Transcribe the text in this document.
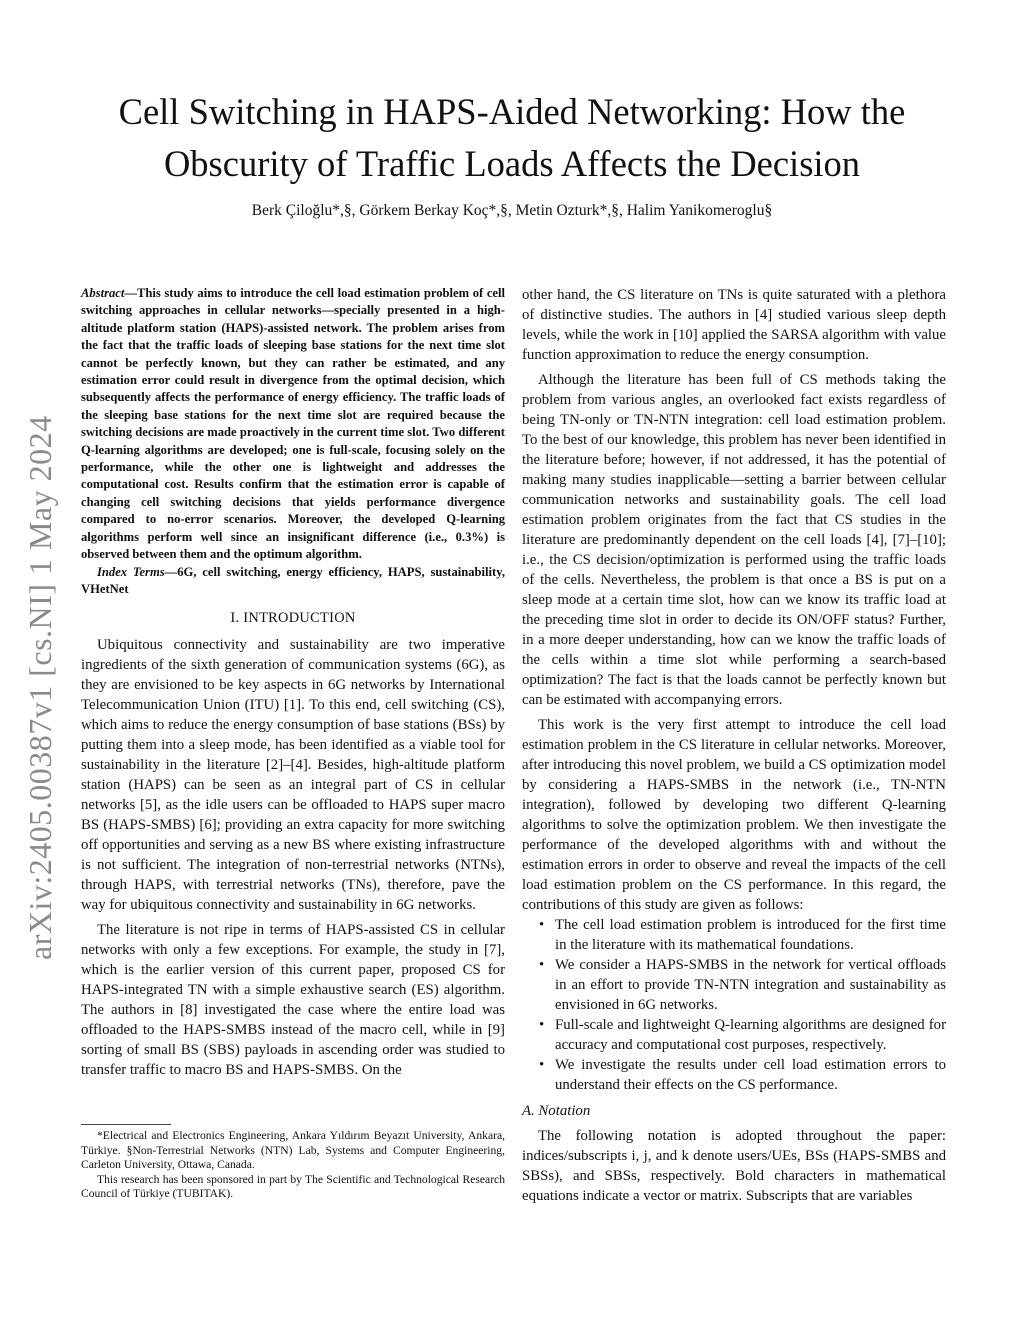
arXiv:2405.00387v1 [cs.NI] 1 May 2024
Cell Switching in HAPS-Aided Networking: How the
Obscurity of Traffic Loads Affects the Decision
Berk Çiloğlu*,§, Görkem Berkay Koç*,§, Metin Ozturk*,§, Halim Yanikomeroglu§

Abstract—This study aims to introduce the cell load estimation problem of cell switching approaches in cellular networks—specially presented in a high-altitude platform station (HAPS)-assisted network. The problem arises from the fact that the traffic loads of sleeping base stations for the next time slot cannot be perfectly known, but they can rather be estimated, and any estimation error could result in divergence from the optimal decision, which subsequently affects the performance of energy efficiency. The traffic loads of the sleeping base stations for the next time slot are required because the switching decisions are made proactively in the current time slot. Two different Q-learning algorithms are developed; one is full-scale, focusing solely on the performance, while the other one is lightweight and addresses the computational cost. Results confirm that the estimation error is capable of changing cell switching decisions that yields performance divergence compared to no-error scenarios. Moreover, the developed Q-learning algorithms perform well since an insignificant difference (i.e., 0.3%) is observed between them and the optimum algorithm.

Index Terms—6G, cell switching, energy efficiency, HAPS, sustainability, VHetNet

I. INTRODUCTION

Ubiquitous connectivity and sustainability are two imperative ingredients of the sixth generation of communication systems (6G), as they are envisioned to be key aspects in 6G networks by International Telecommunication Union (ITU) [1]. To this end, cell switching (CS), which aims to reduce the energy consumption of base stations (BSs) by putting them into a sleep mode, has been identified as a viable tool for sustainability in the literature [2]–[4]. Besides, high-altitude platform station (HAPS) can be seen as an integral part of CS in cellular networks [5], as the idle users can be offloaded to HAPS super macro BS (HAPS-SMBS) [6]; providing an extra capacity for more switching off opportunities and serving as a new BS where existing infrastructure is not sufficient. The integration of non-terrestrial networks (NTNs), through HAPS, with terrestrial networks (TNs), therefore, pave the way for ubiquitous connectivity and sustainability in 6G networks.

The literature is not ripe in terms of HAPS-assisted CS in cellular networks with only a few exceptions. For example, the study in [7], which is the earlier version of this current paper, proposed CS for HAPS-integrated TN with a simple exhaustive search (ES) algorithm. The authors in [8] investigated the case where the entire load was offloaded to the HAPS-SMBS instead of the macro cell, while in [9] sorting of small BS (SBS) payloads in ascending order was studied to transfer traffic to macro BS and HAPS-SMBS. On the

*Electrical and Electronics Engineering, Ankara Yıldırım Beyazıt University, Ankara, Türkiye. §Non-Terrestrial Networks (NTN) Lab, Systems and Computer Engineering, Carleton University, Ottawa, Canada.

This research has been sponsored in part by The Scientific and Technological Research Council of Türkiye (TUBITAK).

other hand, the CS literature on TNs is quite saturated with a plethora of distinctive studies. The authors in [4] studied various sleep depth levels, while the work in [10] applied the SARSA algorithm with value function approximation to reduce the energy consumption.

Although the literature has been full of CS methods taking the problem from various angles, an overlooked fact exists regardless of being TN-only or TN-NTN integration: cell load estimation problem. To the best of our knowledge, this problem has never been identified in the literature before; however, if not addressed, it has the potential of making many studies inapplicable—setting a barrier between cellular communication networks and sustainability goals. The cell load estimation problem originates from the fact that CS studies in the literature are predominantly dependent on the cell loads [4], [7]–[10]; i.e., the CS decision/optimization is performed using the traffic loads of the cells. Nevertheless, the problem is that once a BS is put on a sleep mode at a certain time slot, how can we know its traffic load at the preceding time slot in order to decide its ON/OFF status? Further, in a more deeper understanding, how can we know the traffic loads of the cells within a time slot while performing a search-based optimization? The fact is that the loads cannot be perfectly known but can be estimated with accompanying errors.

This work is the very first attempt to introduce the cell load estimation problem in the CS literature in cellular networks. Moreover, after introducing this novel problem, we build a CS optimization model by considering a HAPS-SMBS in the network (i.e., TN-NTN integration), followed by developing two different Q-learning algorithms to solve the optimization problem. We then investigate the performance of the developed algorithms with and without the estimation errors in order to observe and reveal the impacts of the cell load estimation problem on the CS performance. In this regard, the contributions of this study are given as follows:

• The cell load estimation problem is introduced for the first time in the literature with its mathematical foundations.
• We consider a HAPS-SMBS in the network for vertical offloads in an effort to provide TN-NTN integration and sustainability as envisioned in 6G networks.
• Full-scale and lightweight Q-learning algorithms are designed for accuracy and computational cost purposes, respectively.
• We investigate the results under cell load estimation errors to understand their effects on the CS performance.
A. Notation

The following notation is adopted throughout the paper: indices/subscripts i, j, and k denote users/UEs, BSs (HAPS-SMBS and SBSs), and SBSs, respectively. Bold characters in mathematical equations indicate a vector or matrix. Subscripts that are variables
